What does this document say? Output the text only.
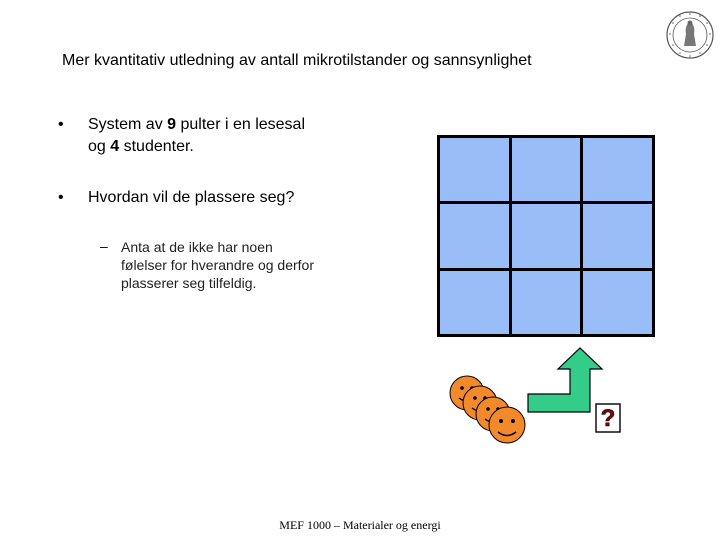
Mer kvantitativ utledning av antall mikrotilstander og sannsynlighet
• System av 9 pulter i en lesesal
og 4 studenter.
• Hvordan vil de plassere seg?
– Anta at de ikke har noen
følelser for hverandre og derfor
plasserer seg tilfeldig.
?
MEF 1000 – Materialer og energi
